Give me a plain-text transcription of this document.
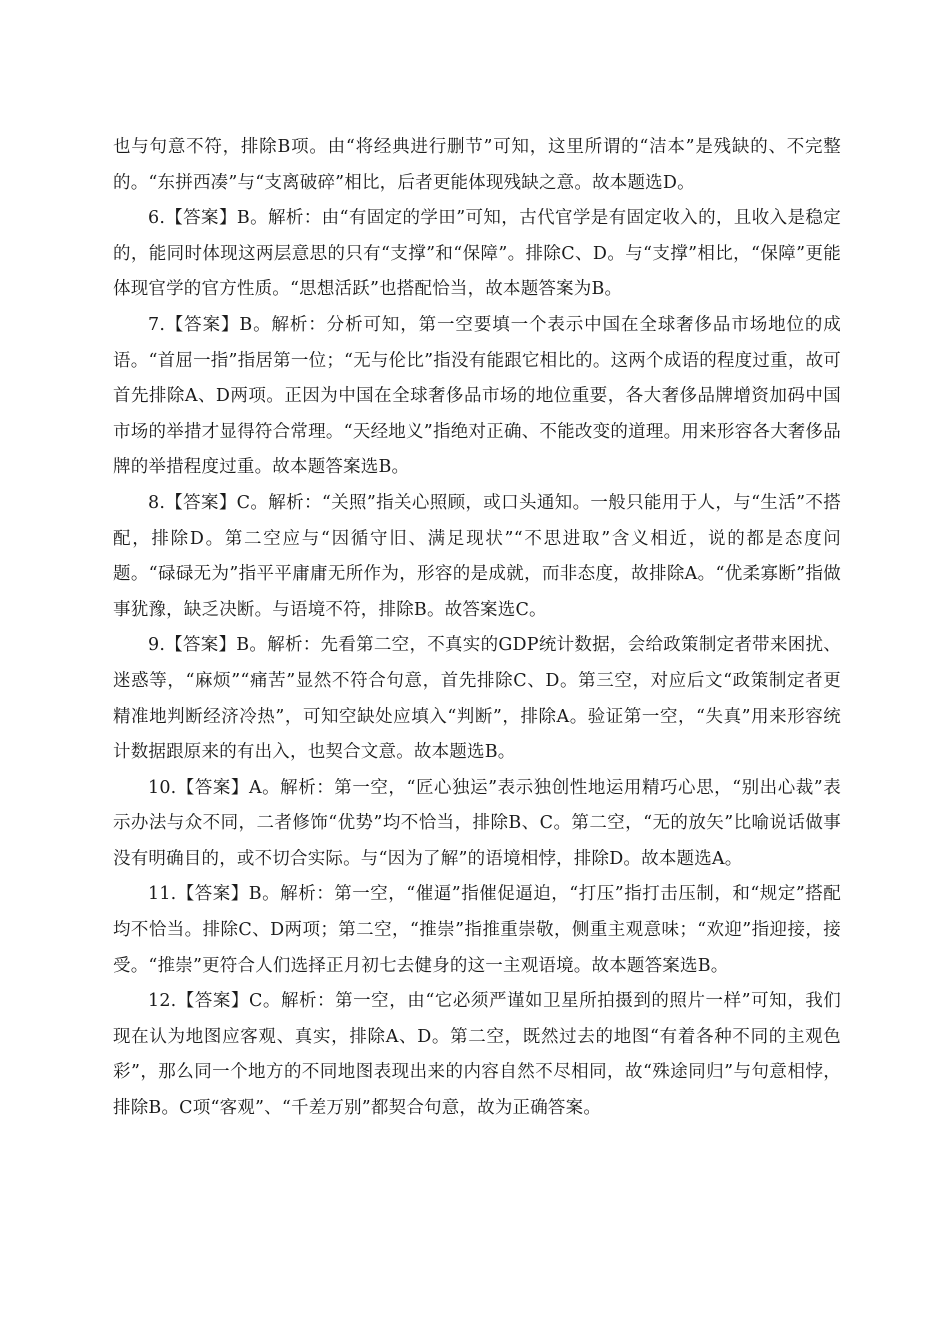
也与句意不符，排除B项。由“将经典进行删节”可知，这里所谓的“洁本”是残缺的、不完整的。“东拼西凑”与“支离破碎”相比，后者更能体现残缺之意。故本题选D。

6.【答案】B。解析：由“有固定的学田”可知，古代官学是有固定收入的，且收入是稳定的，能同时体现这两层意思的只有“支撑”和“保障”。排除C、D。与“支撑”相比，“保障”更能体现官学的官方性质。“思想活跃”也搭配恰当，故本题答案为B。

7.【答案】B。解析：分析可知，第一空要填一个表示中国在全球奢侈品市场地位的成语。“首屈一指”指居第一位；“无与伦比”指没有能跟它相比的。这两个成语的程度过重，故可首先排除A、D两项。正因为中国在全球奢侈品市场的地位重要，各大奢侈品牌增资加码中国市场的举措才显得符合常理。“天经地义”指绝对正确、不能改变的道理。用来形容各大奢侈品牌的举措程度过重。故本题答案选B。

8.【答案】C。解析：“关照”指关心照顾，或口头通知。一般只能用于人，与“生活”不搭配，排除D。第二空应与“因循守旧、满足现状”“不思进取”含义相近，说的都是态度问题。“碌碌无为”指平平庸庸无所作为，形容的是成就，而非态度，故排除A。“优柔寡断”指做事犹豫，缺乏决断。与语境不符，排除B。故答案选C。

9.【答案】B。解析：先看第二空，不真实的GDP统计数据，会给政策制定者带来困扰、迷惑等，“麻烦”“痛苦”显然不符合句意，首先排除C、D。第三空，对应后文“政策制定者更精准地判断经济冷热”，可知空缺处应填入“判断”，排除A。验证第一空，“失真”用来形容统计数据跟原来的有出入，也契合文意。故本题选B。

10.【答案】A。解析：第一空，“匠心独运”表示独创性地运用精巧心思，“别出心裁”表示办法与众不同，二者修饰“优势”均不恰当，排除B、C。第二空，“无的放矢”比喻说话做事没有明确目的，或不切合实际。与“因为了解”的语境相悖，排除D。故本题选A。

11.【答案】B。解析：第一空，“催逼”指催促逼迫，“打压”指打击压制，和“规定”搭配均不恰当。排除C、D两项；第二空，“推崇”指推重崇敬，侧重主观意味；“欢迎”指迎接，接受。“推崇”更符合人们选择正月初七去健身的这一主观语境。故本题答案选B。

12.【答案】C。解析：第一空，由“它必须严谨如卫星所拍摄到的照片一样”可知，我们现在认为地图应客观、真实，排除A、D。第二空，既然过去的地图“有着各种不同的主观色彩”，那么同一个地方的不同地图表现出来的内容自然不尽相同，故“殊途同归”与句意相悖，排除B。C项“客观”、“千差万别”都契合句意，故为正确答案。
